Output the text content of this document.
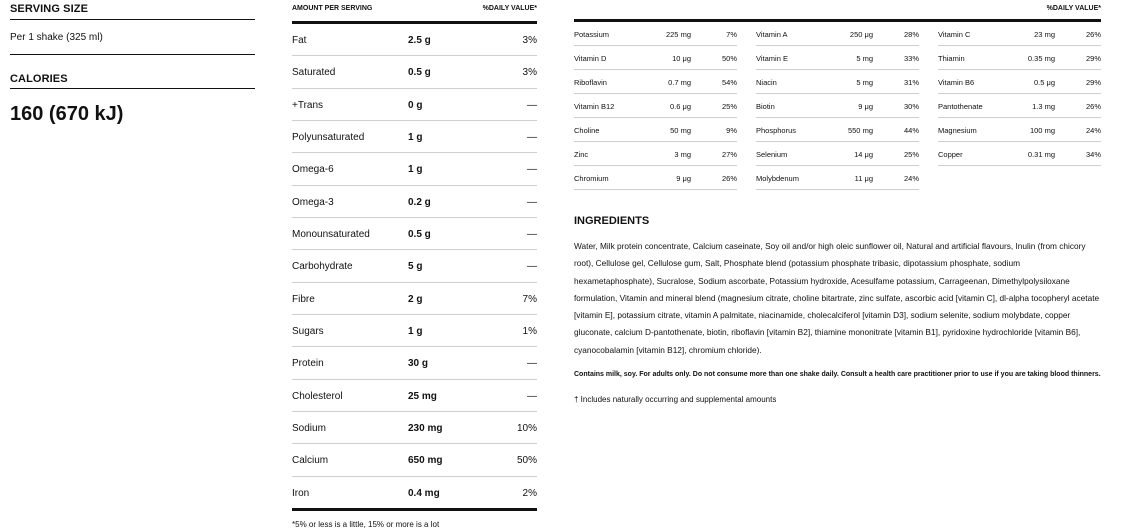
SERVING SIZE
Per 1 shake (325 ml)
CALORIES
160 (670 kJ)
AMOUNT PER SERVING	%DAILY VALUE*
Fat	2.5 g	3%
Saturated	0.5 g	3%
+Trans	0 g	—
Polyunsaturated	1 g	—
Omega-6	1 g	—
Omega-3	0.2 g	—
Monounsaturated	0.5 g	—
Carbohydrate	5 g	—
Fibre	2 g	7%
Sugars	1 g	1%
Protein	30 g	—
Cholesterol	25 mg	—
Sodium	230 mg	10%
Calcium	650 mg	50%
Iron	0.4 mg	2%
*5% or less is a little, 15% or more is a lot
%DAILY VALUE*
Potassium	225 mg	7%
Vitamin D	10 μg	50%
Riboflavin	0.7 mg	54%
Vitamin B12	0.6 μg	25%
Choline	50 mg	9%
Zinc	3 mg	27%
Chromium	9 μg	26%
Vitamin A	250 μg	28%
Vitamin E	5 mg	33%
Niacin	5 mg	31%
Biotin	9 μg	30%
Phosphorus	550 mg	44%
Selenium	14 μg	25%
Molybdenum	11 μg	24%
Vitamin C	23 mg	26%
Thiamin	0.35 mg	29%
Vitamin B6	0.5 μg	29%
Pantothenate	1.3 mg	26%
Magnesium	100 mg	24%
Copper	0.31 mg	34%
INGREDIENTS
Water, Milk protein concentrate, Calcium caseinate, Soy oil and/or high oleic sunflower oil, Natural and artificial flavours, Inulin (from chicory root), Cellulose gel, Cellulose gum, Salt, Phosphate blend (potassium phosphate tribasic, dipotassium phosphate, sodium hexametaphosphate), Sucralose, Sodium ascorbate, Potassium hydroxide, Acesulfame potassium, Carrageenan, Dimethylpolysiloxane formulation, Vitamin and mineral blend (magnesium citrate, choline bitartrate, zinc sulfate, ascorbic acid [vitamin C], dl-alpha tocopheryl acetate [vitamin E], potassium citrate, vitamin A palmitate, niacinamide, cholecalciferol [vitamin D3], sodium selenite, sodium molybdate, copper gluconate, calcium D-pantothenate, biotin, riboflavin [vitamin B2], thiamine mononitrate [vitamin B1], pyridoxine hydrochloride [vitamin B6], cyanocobalamin [vitamin B12], chromium chloride).
Contains milk, soy. For adults only. Do not consume more than one shake daily. Consult a health care practitioner prior to use if you are taking blood thinners.
† Includes naturally occurring and supplemental amounts
